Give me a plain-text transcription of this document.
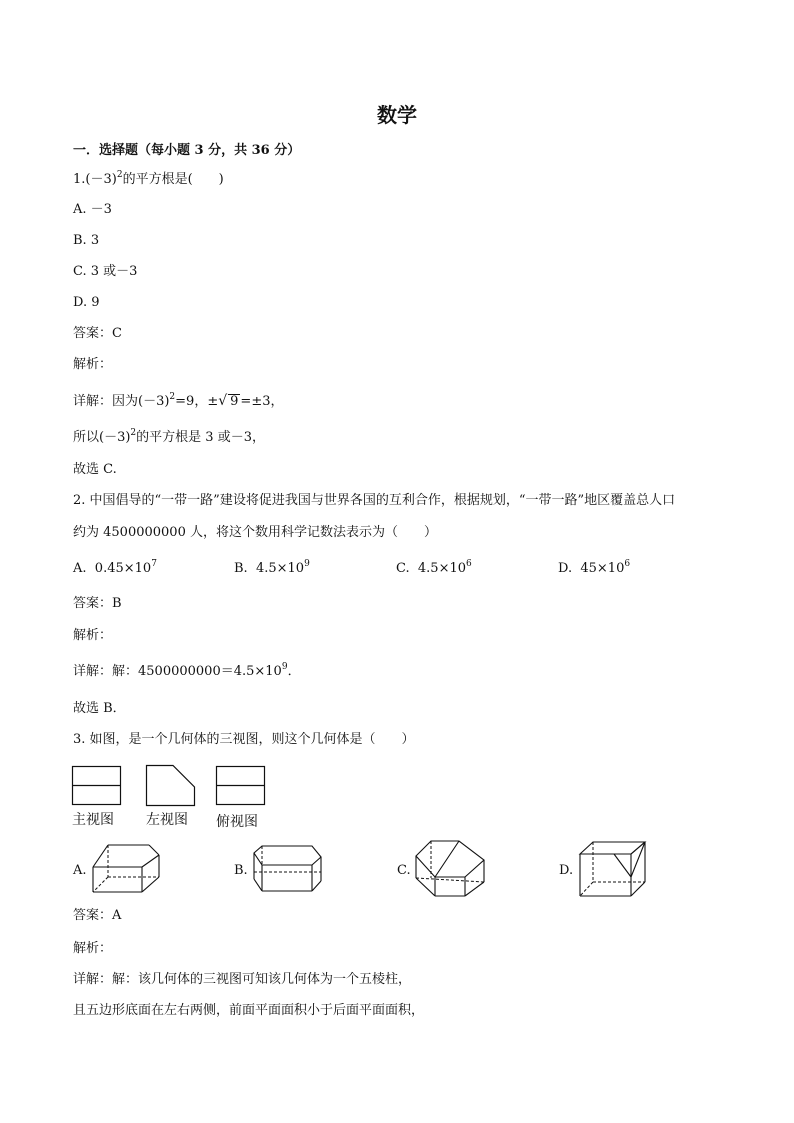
数学
一．选择题（每小题 3 分，共 36 分）
$1.(-3)^2$的平方根是(　　)
A. －3
B. 3
C. 3 或－3
D. 9
答案：C
解析：
详解：因为$(-3)^2=9$，±√ 9 =±3，
所以$(-3)^2$的平方根是 3 或－3，
故选 C.
2. 中国倡导的“一带一路”建设将促进我国与世界各国的互利合作，根据规划，“一带一路”地区覆盖总人口
约为 4500000000 人，将这个数用科学记数法表示为（　　）
A. $0.45\times 10^7$	B. $4.5\times 10^9$	C. $4.5\times 10^6$	D. $45\times 10^6$
答案：B
解析：
详解：解：$4500000000=4.5\times 10^9$．
故选 B．
3. 如图，是一个几何体的三视图，则这个几何体是（　　）
主视图 左视图 俯视图
A.	B.	C.	D.
答案：A
解析：
详解：解：该几何体的三视图可知该几何体为一个五棱柱，
且五边形底面在左右两侧，前面平面面积小于后面平面面积，
